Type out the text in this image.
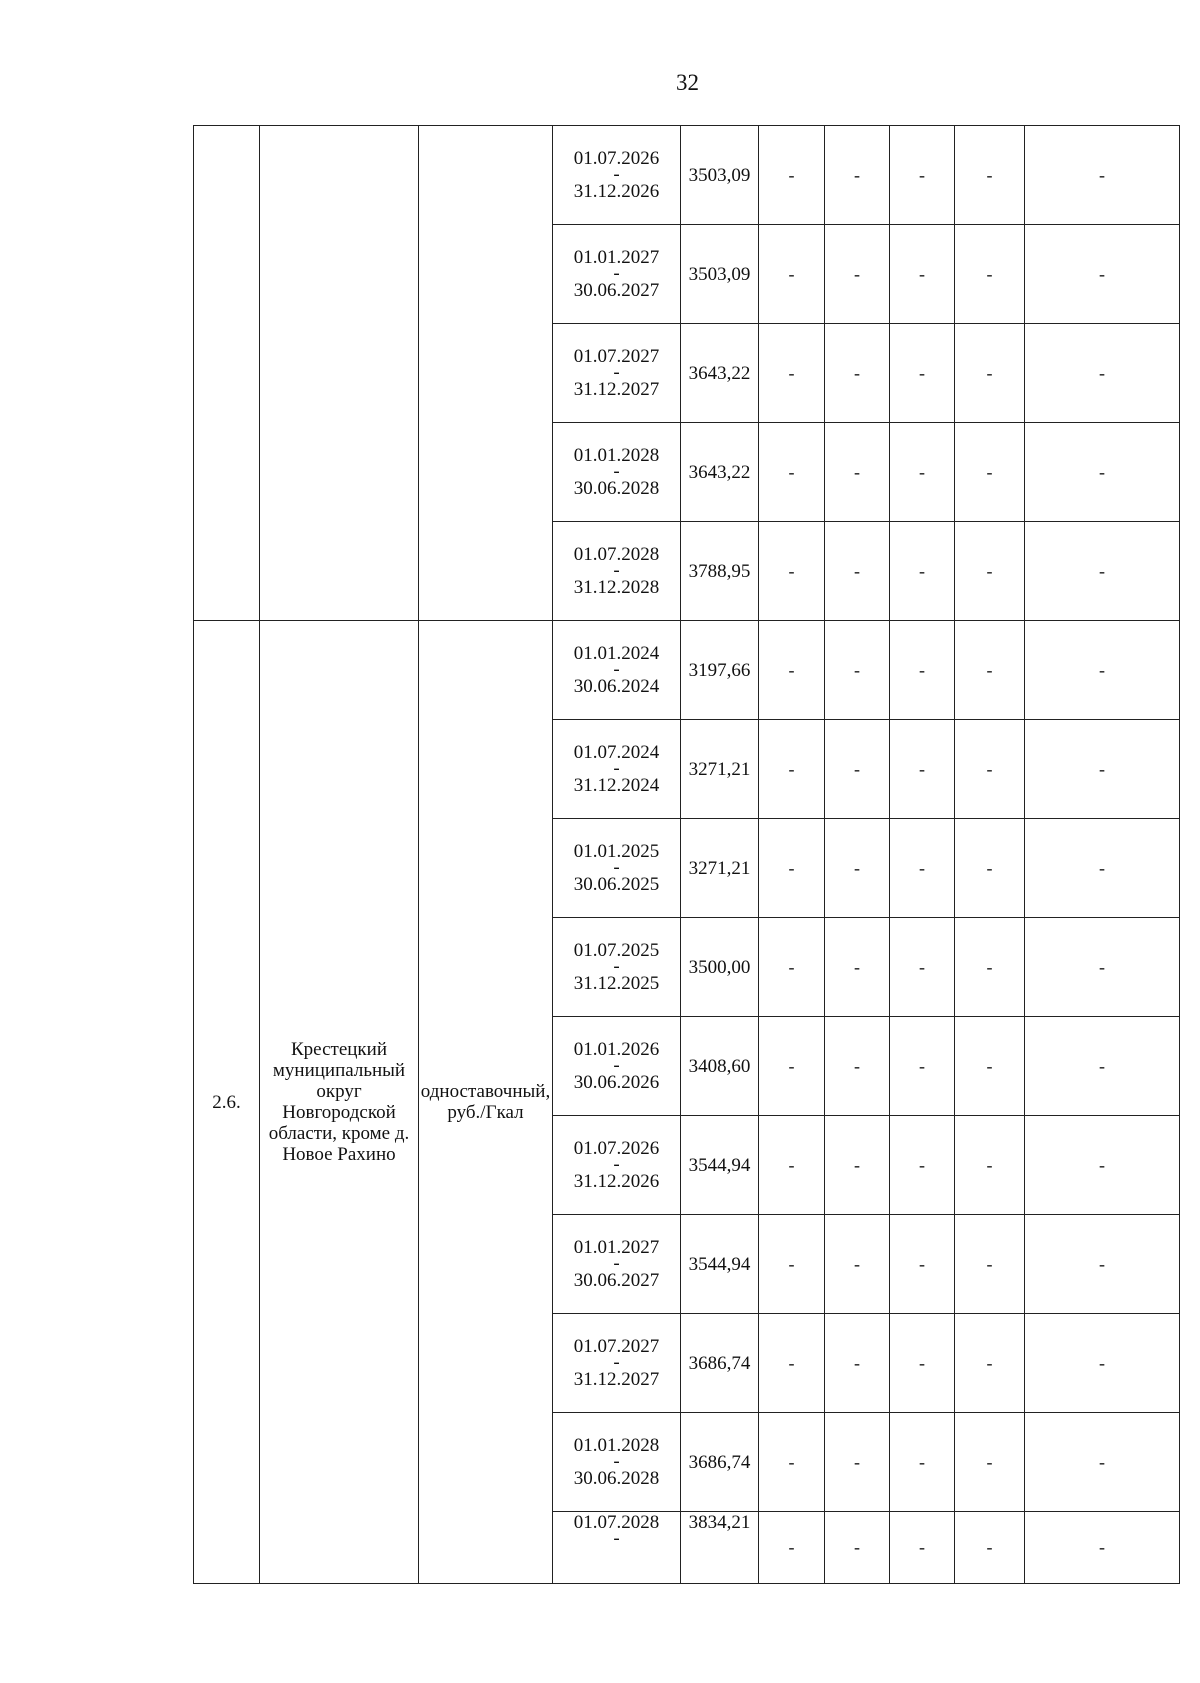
32

			01.07.2026
-
31.12.2026	3503,09	-	-	-	-	-

			01.01.2027
-
30.06.2027	3503,09	-	-	-	-	-

			01.07.2027
-
31.12.2027	3643,22	-	-	-	-	-

			01.01.2028
-
30.06.2028	3643,22	-	-	-	-	-

			01.07.2028
-
31.12.2028	3788,95	-	-	-	-	-
2.6.	Крестецкий муниципальный округ Новгородской области, кроме д. Новое Рахино	одноставочный, руб./Гкал	01.01.2024
-
30.06.2024	3197,66	-	-	-	-	-

			01.07.2024
-
31.12.2024	3271,21	-	-	-	-	-

			01.01.2025
-
30.06.2025	3271,21	-	-	-	-	-

			01.07.2025
-
31.12.2025	3500,00	-	-	-	-	-

			01.01.2026
-
30.06.2026	3408,60	-	-	-	-	-

			01.07.2026
-
31.12.2026	3544,94	-	-	-	-	-

			01.01.2027
-
30.06.2027	3544,94	-	-	-	-	-

			01.07.2027
-
31.12.2027	3686,74	-	-	-	-	-

			01.01.2028
-
30.06.2028	3686,74	-	-	-	-	-

			01.07.2028
-	3834,21	-	-	-	-	-
